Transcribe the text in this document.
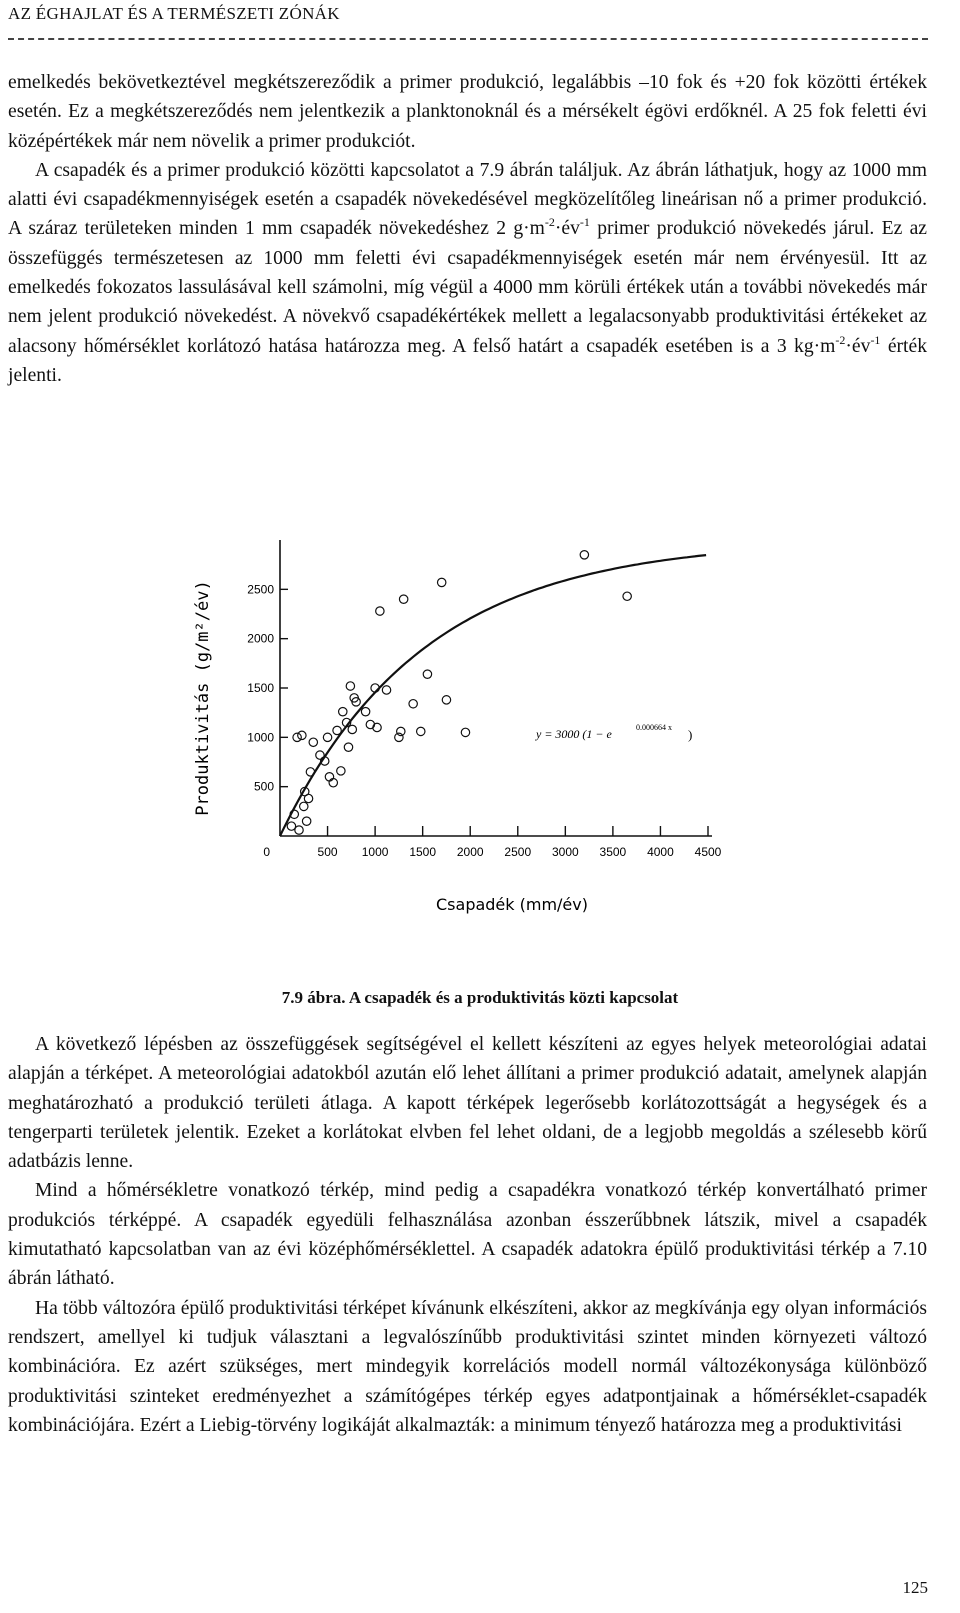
AZ ÉGHAJLAT ÉS A TERMÉSZETI ZÓNÁK

emelkedés bekövetkeztével megkétszereződik a primer produkció, legalábbis –10 fok és +20 fok közötti értékek esetén. Ez a megkétszereződés nem jelentkezik a planktonoknál és a mérsékelt égövi erdőknél. A 25 fok feletti évi középértékek már nem növelik a primer produkciót.

A csapadék és a primer produkció közötti kapcsolatot a 7.9 ábrán találjuk. Az ábrán láthatjuk, hogy az 1000 mm alatti évi csapadékmennyiségek esetén a csapadék növekedésével megközelítőleg lineárisan nő a primer produkció. A száraz területeken minden 1 mm csapadék növekedéshez 2 $g\cdot m^{-2}\cdot év^{-1}$ primer produkció növekedés járul. Ez az összefüggés természetesen az 1000 mm feletti évi csapadékmennyiségek esetén már nem érvényesül. Itt az emelkedés fokozatos lassulásával kell számolni, míg végül a 4000 mm körüli értékek után a további növekedés már nem jelent produkció növekedést. A növekvő csapadékértékek mellett a legalacsonyabb produktivitási értékeket az alacsony hőmérséklet korlátozó hatása határozza meg. A felső határt a csapadék esetében is a 3 $kg\cdot m^{-2}\cdot év^{-1}$ érték jelenti.

500 1000 1500 2000 2500 3000 3500 4000 4500
0
500
1000
1500
2000
2500
y = 3000 (1 − e	0.000664 x )
Produktivitás (g/m²/év)
Csapadék (mm/év)
7.9 ábra. A csapadék és a produktivitás közti kapcsolat

A következő lépésben az összefüggések segítségével el kellett készíteni az egyes helyek meteorológiai adatai alapján a térképet. A meteorológiai adatokból azután elő lehet állítani a primer produkció adatait, amelynek alapján meghatározható a produkció területi átlaga. A kapott térképek legerősebb korlátozottságát a hegységek és a tengerparti területek jelentik. Ezeket a korlátokat elvben fel lehet oldani, de a legjobb megoldás a szélesebb körű adatbázis lenne.

Mind a hőmérsékletre vonatkozó térkép, mind pedig a csapadékra vonatkozó térkép konvertálható primer produkciós térképpé. A csapadék egyedüli felhasználása azonban ésszerűbbnek látszik, mivel a csapadék kimutatható kapcsolatban van az évi középhőmérséklettel. A csapadék adatokra épülő produktivitási térkép a 7.10 ábrán látható.

Ha több változóra épülő produktivitási térképet kívánunk elkészíteni, akkor az megkívánja egy olyan információs rendszert, amellyel ki tudjuk választani a legvalószínűbb produktivitási szintet minden környezeti változó kombinációra. Ez azért szükséges, mert mindegyik korrelációs modell normál változékonysága különböző produktivitási szinteket eredményezhet a számítógépes térkép egyes adatpontjainak a hőmérséklet-csapadék kombinációjára. Ezért a Liebig-törvény logikáját alkalmazták: a minimum tényező határozza meg a produktivitási

125
